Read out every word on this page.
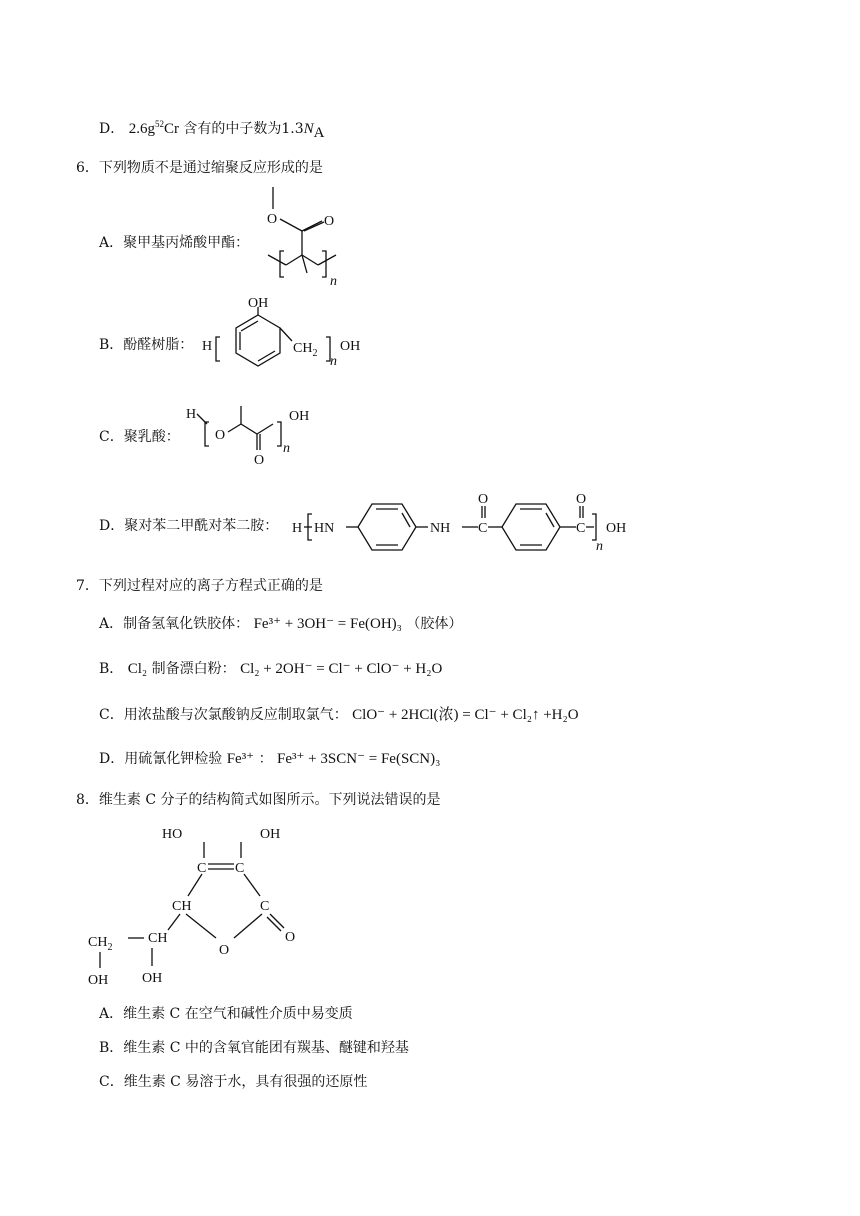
D． $2.6g^{52}Cr$ 含有的中子数为$1.3N_A$
6．下列物质不是通过缩聚反应形成的是
A．聚甲基丙烯酸甲酯：
O	O
n
B．酚醛树脂： H
OH
$CH_2$
n
OH
C．聚乳酸：
H
O
O
n
OH
D．聚对苯二甲酰对苯二胺： H HN	NH C
O
C
O
n
OH
7．下列过程对应的离子方程式正确的是
A．制备氢氧化铁胶体： Fe³⁺ + 3OH⁻ = Fe(OH)₃ （胶体）
B． Cl₂ 制备漂白粉： Cl₂ + 2OH⁻ = Cl⁻ + ClO⁻ + H₂O
C．用浓盐酸与次氯酸钠反应制取氯气： ClO⁻ + 2HCl(浓) = Cl⁻ + Cl₂↑ +H₂O
D．用硫氰化钾检验 Fe³⁺ ： Fe³⁺ + 3SCN⁻ = Fe(SCN)₃
8．维生素 C 分子的结构简式如图所示。下列说法错误的是
HO	OH
C C
CH	C
O
O
CH
$CH_2$
OH OH
A．维生素 C 在空气和碱性介质中易变质
B．维生素 C 中的含氧官能团有羰基、醚键和羟基
C．维生素 C 易溶于水，具有很强的还原性
